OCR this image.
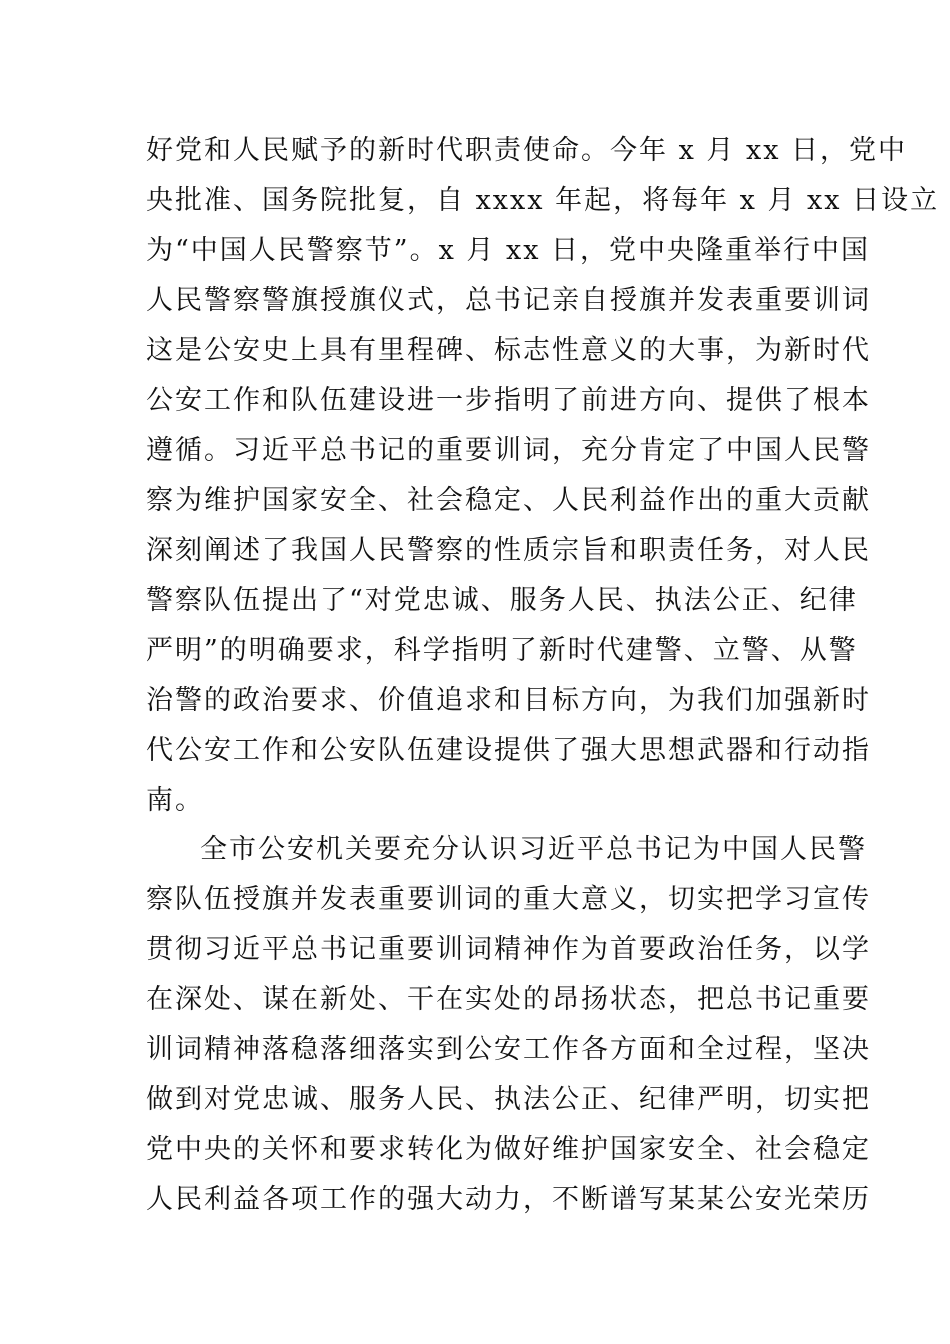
好党和人民赋予的新时代职责使命。今年 x 月 xx 日，党中
央批准、国务院批复，自 xxxx 年起，将每年 x 月 xx 日设立
为“中国人民警察节”。x 月 xx 日，党中央隆重举行中国
人民警察警旗授旗仪式，总书记亲自授旗并发表重要训词
这是公安史上具有里程碑、标志性意义的大事，为新时代
公安工作和队伍建设进一步指明了前进方向、提供了根本
遵循。习近平总书记的重要训词，充分肯定了中国人民警
察为维护国家安全、社会稳定、人民利益作出的重大贡献
深刻阐述了我国人民警察的性质宗旨和职责任务，对人民
警察队伍提出了“对党忠诚、服务人民、执法公正、纪律
严明”的明确要求，科学指明了新时代建警、立警、从警
治警的政治要求、价值追求和目标方向，为我们加强新时
代公安工作和公安队伍建设提供了强大思想武器和行动指
南。
全市公安机关要充分认识习近平总书记为中国人民警
察队伍授旗并发表重要训词的重大意义，切实把学习宣传
贯彻习近平总书记重要训词精神作为首要政治任务，以学
在深处、谋在新处、干在实处的昂扬状态，把总书记重要
训词精神落稳落细落实到公安工作各方面和全过程，坚决
做到对党忠诚、服务人民、执法公正、纪律严明，切实把
党中央的关怀和要求转化为做好维护国家安全、社会稳定
人民利益各项工作的强大动力，不断谱写某某公安光荣历
